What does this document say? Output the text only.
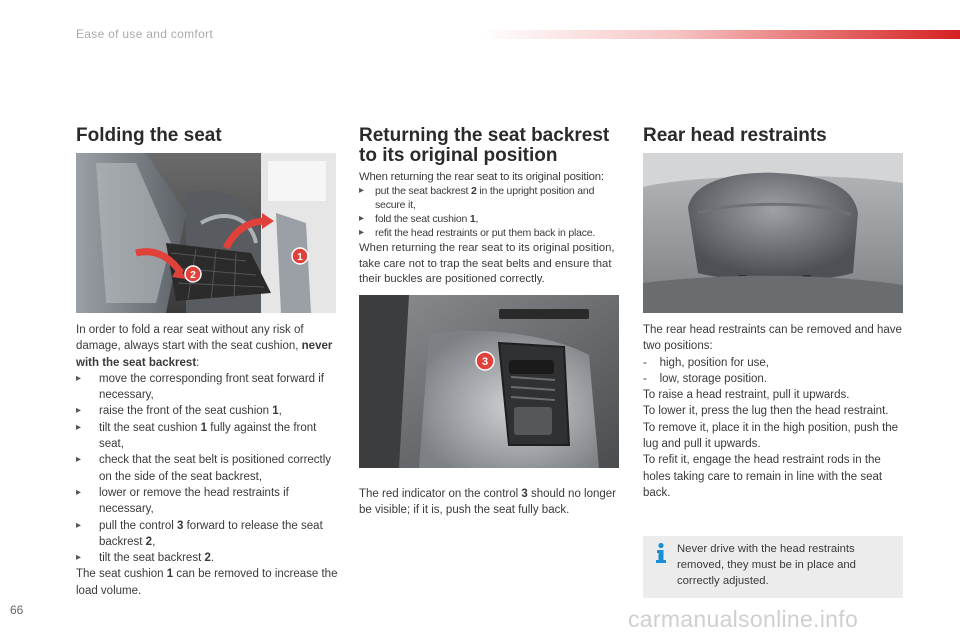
Ease of use and comfort
Folding the seat
2
1

In order to fold a rear seat without any risk of damage, always start with the seat cushion, never with the seat backrest:

▸ move the corresponding front seat forward if necessary,

▸ raise the front of the seat cushion 1,

▸ tilt the seat cushion 1 fully against the front seat,

▸ check that the seat belt is positioned correctly on the side of the seat backrest,

▸ lower or remove the head restraints if necessary,

▸ pull the control 3 forward to release the seat backrest 2,

▸ tilt the seat backrest 2.

The seat cushion 1 can be removed to increase the load volume.

Returning the seat backrest
to its original position

When returning the rear seat to its original position:

▸ put the seat backrest 2 in the upright position and secure it,

▸ fold the seat cushion 1,

▸ refit the head restraints or put them back in place.

When returning the rear seat to its original position, take care not to trap the seat belts and ensure that their buckles are positioned correctly.
3

The red indicator on the control 3 should no longer be visible; if it is, push the seat fully back.

Rear head restraints

The rear head restraints can be removed and have two positions:

-    high, position for use,

-    low, storage position.

To raise a head restraint, pull it upwards.

To lower it, press the lug then the head restraint.

To remove it, place it in the high position, push the lug and pull it upwards.

To refit it, engage the head restraint rods in the holes taking care to remain in line with the seat back.

Never drive with the head restraints removed, they must be in place and correctly adjusted.
66	carmanualsonline.info
